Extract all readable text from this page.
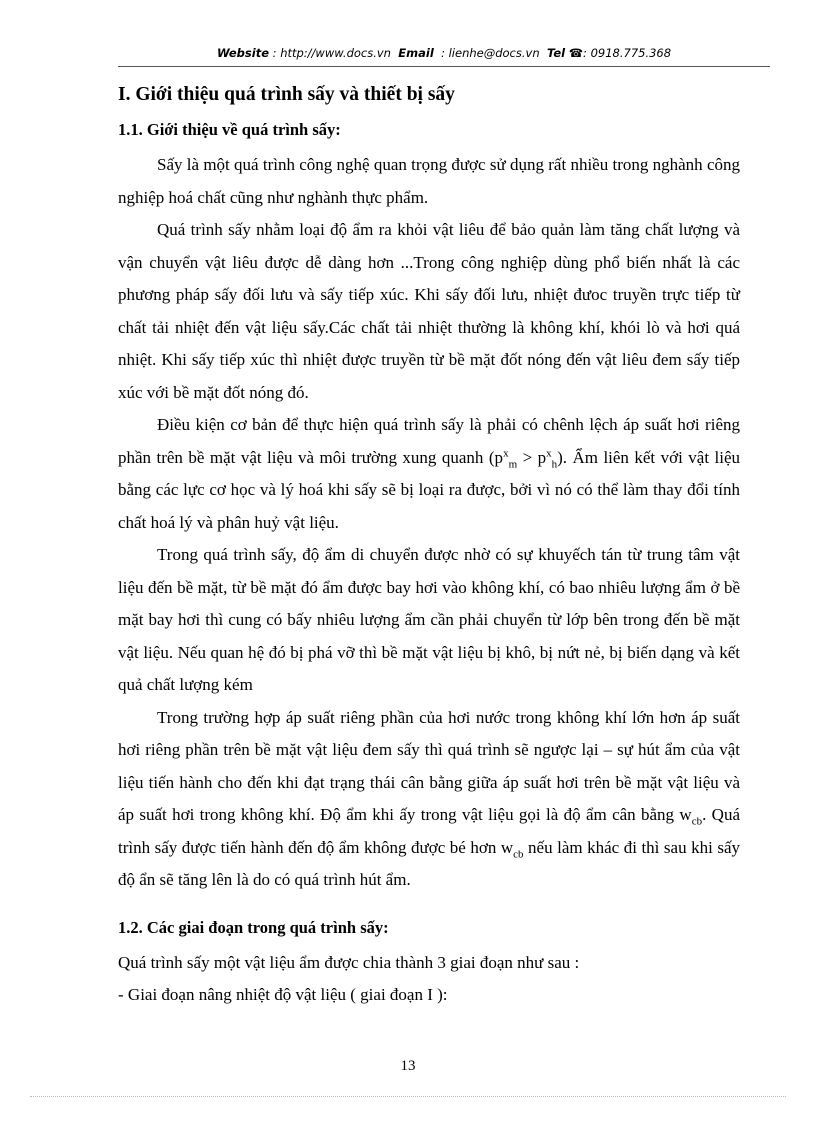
Website : http://www.docs.vn Email : lienhe@docs.vn Tel ☎: 0918.775.368
I. Giới thiệu quá trình sấy và thiết bị sấy
1.1. Giới thiệu về quá trình sấy:

Sấy là một quá trình công nghệ quan trọng được sử dụng rất nhiều trong nghành công nghiệp hoá chất cũng như nghành thực phẩm.

Quá trình sấy nhằm loại độ ẩm ra khỏi vật liêu để bảo quản làm tăng chất lượng và vận chuyển vật liêu được dễ dàng hơn ...Trong công nghiệp dùng phổ biến nhất là các phương pháp sấy đối lưu và sấy tiếp xúc. Khi sấy đối lưu, nhiệt đưoc truyền trực tiếp từ chất tải nhiệt đến vật liệu sấy.Các chất tải nhiệt thường là không khí, khói lò và hơi quá nhiệt. Khi sấy tiếp xúc thì nhiệt được truyền từ bề mặt đốt nóng đến vật liêu đem sấy tiếp xúc với bề mặt đốt nóng đó.

Điều kiện cơ bản để thực hiện quá trình sấy là phải có chênh lệch áp suất hơi riêng phần trên bề mặt vật liệu và môi trường xung quanh $(p^x_m > p^x_h)$. Ẩm liên kết với vật liệu bằng các lực cơ học và lý hoá khi sấy sẽ bị loại ra được, bởi vì nó có thể làm thay đổi tính chất hoá lý và phân huỷ vật liệu.

Trong quá trình sấy, độ ẩm di chuyển được nhờ có sự khuyếch tán từ trung tâm vật liệu đến bề mặt, từ bề mặt đó ẩm được bay hơi vào không khí, có bao nhiêu lượng ẩm ở bề mặt bay hơi thì cung có bấy nhiêu lượng ẩm cần phải chuyển từ lớp bên trong đến bề mặt vật liệu. Nếu quan hệ đó bị phá vỡ thì bề mặt vật liệu bị khô, bị nứt nẻ, bị biến dạng và kết quả chất lượng kém

Trong trường hợp áp suất riêng phần của hơi nước trong không khí lớn hơn áp suất hơi riêng phần trên bề mặt vật liệu đem sấy thì quá trình sẽ ngược lại – sự hút ẩm của vật liệu tiến hành cho đến khi đạt trạng thái cân bằng giữa áp suất hơi trên bề mặt vật liệu và áp suất hơi trong không khí. Độ ẩm khi ấy trong vật liệu gọi là độ ẩm cân bằng $w_{cb}$. Quá trình sấy được tiến hành đến độ ẩm không được bé hơn $w_{cb}$ nếu làm khác đi thì sau khi sấy độ ẩn sẽ tăng lên là do có quá trình hút ẩm.

1.2. Các giai đoạn trong quá trình sấy:

Quá trình sấy một vật liệu ẩm được chia thành 3 giai đoạn như sau :

- Giai đoạn nâng nhiệt độ vật liệu ( giai đoạn I ):

13
